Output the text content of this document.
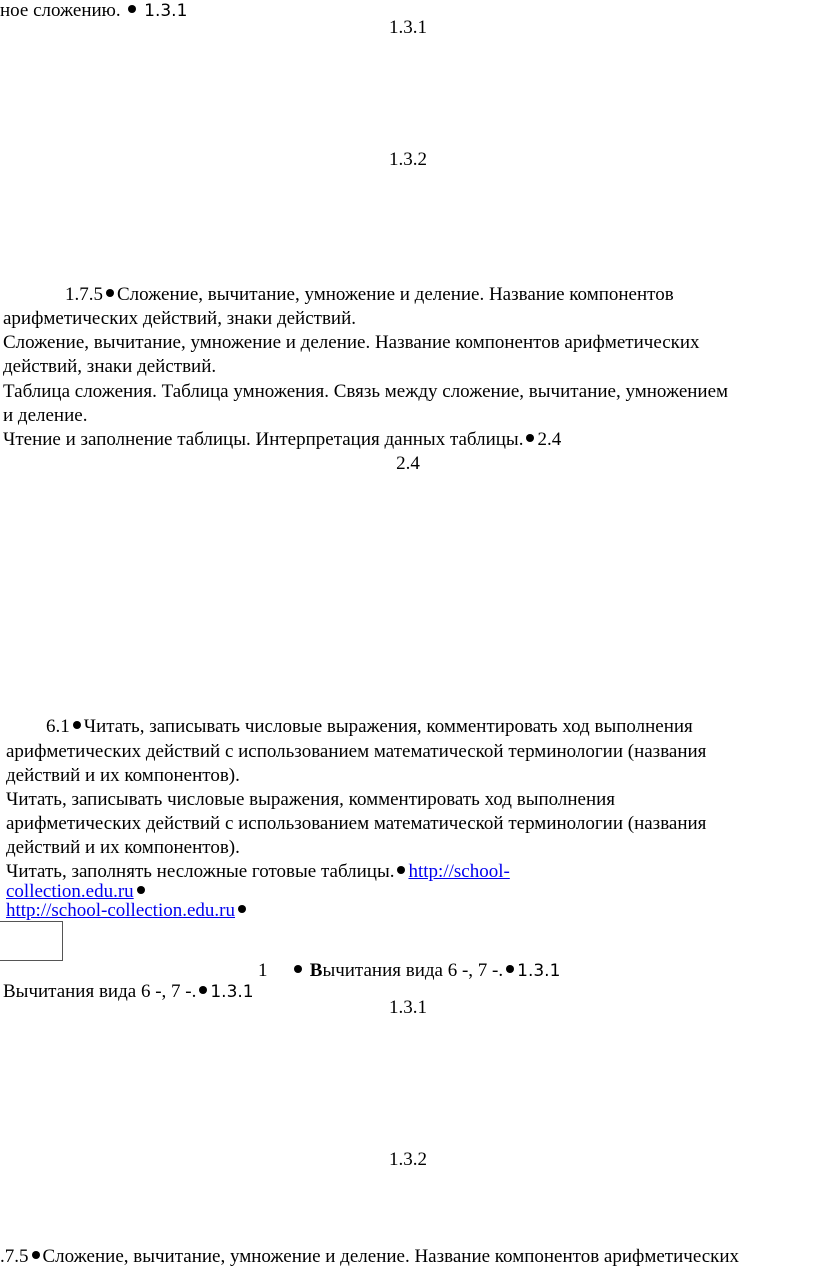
ное сложению. 1.3.1
1.3.1
1.3.2
1.7.5 Сложение, вычитание, умножение и деление. Название компонентов
арифметических действий, знаки действий.
Сложение, вычитание, умножение и деление. Название компонентов арифметических
действий, знаки действий.
Таблица сложения. Таблица умножения. Связь между сложение, вычитание, умножением
и деление.
Чтение и заполнение таблицы. Интерпретация данных таблицы. 2.4
2.4
6.1 Читать, записывать числовые выражения, комментировать ход выполнения
арифметических действий с использованием математической терминологии (названия
действий и их компонентов).
Читать, записывать числовые выражения, комментировать ход выполнения
арифметических действий с использованием математической терминологии (названия
действий и их компонентов).
Читать, заполнять несложные готовые таблицы. http://school-
collection.edu.ru
http://school-collection.edu.ru
1	Вычитания вида 6 -, 7 -. 1.3.1
Вычитания вида 6 -, 7 -. 1.3.1
1.3.1
1.3.2
.7.5 Сложение, вычитание, умножение и деление. Название компонентов арифметических
